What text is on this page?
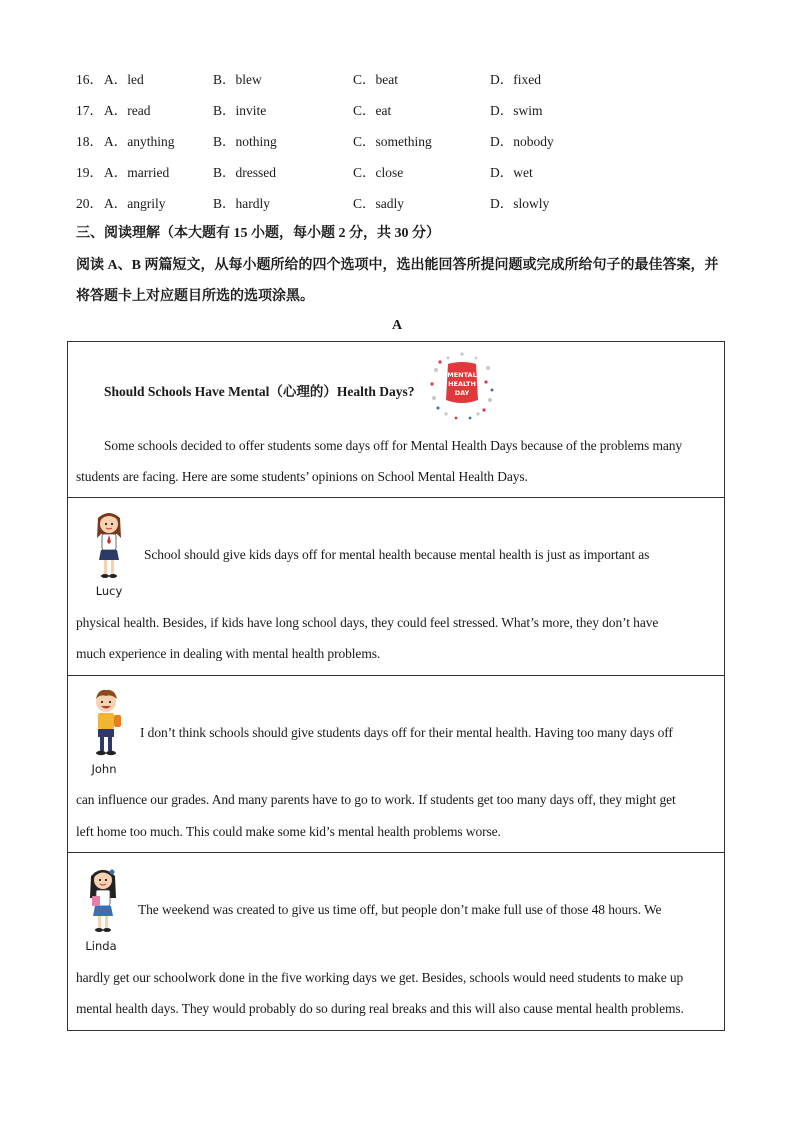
16． A．led	B．blew	C．beat	D．fixed
17． A．read	B．invite	C．eat	D．swim
18． A．anything	B．nothing	C．something	D．nobody
19． A．married	B．dressed	C．close	D．wet
20． A．angrily	B．hardly	C．sadly	D．slowly
三、阅读理解（本大题有 15 小题，每小题 2 分，共 30 分）
阅读 A、B 两篇短文，从每小题所给的四个选项中，选出能回答所提问题或完成所给句子的最佳答案，并
将答题卡上对应题目所选的选项涂黑。
A
Should Schools Have Mental（心理的）Health Days?
MENTAL
HEALTH
DAY
Some schools decided to offer students some days off for Mental Health Days because of the problems many
students are facing. Here are some students’ opinions on School Mental Health Days.
Lucy
School should give kids days off for mental health because mental health is just as important as
physical health. Besides, if kids have long school days, they could feel stressed. What’s more, they don’t have
much experience in dealing with mental health problems.
John
I don’t think schools should give students days off for their mental health. Having too many days off
can influence our grades. And many parents have to go to work. If students get too many days off, they might get
left home too much. This could make some kid’s mental health problems worse.
Linda
The weekend was created to give us time off, but people don’t make full use of those 48 hours. We
hardly get our schoolwork done in the five working days we get. Besides, schools would need students to make up
mental health days. They would probably do so during real breaks and this will also cause mental health problems.
